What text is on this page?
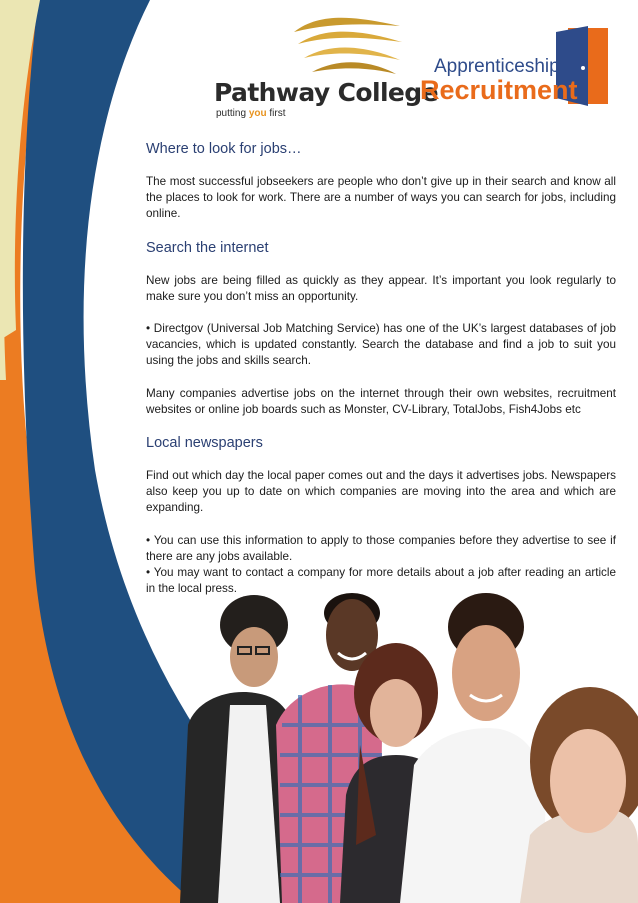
Pathway College
putting you first
Apprenticeship
Recruitment
Where to look for jobs…

The most successful jobseekers are people who don’t give up in their search and know all the places to look for work. There are a number of ways you can search for jobs, including online.

Search the internet

New jobs are being filled as quickly as they appear. It’s important you look regularly to make sure you don’t miss an opportunity.

• Directgov (Universal Job Matching Service) has one of the UK’s largest databases of job vacancies, which is updated constantly. Search the database and find a job to suit you using the jobs and skills search.

Many companies advertise jobs on the internet through their own websites, recruitment websites or online job boards such as Monster, CV-Library, TotalJobs, Fish4Jobs etc

Local newspapers

Find out which day the local paper comes out and the days it advertises jobs. Newspapers also keep you up to date on which companies are moving into the area and which are expanding.

• You can use this information to apply to those companies before they advertise to see if there are any jobs available.

• You may want to contact a company for more details about a job after reading an article in the local press.
